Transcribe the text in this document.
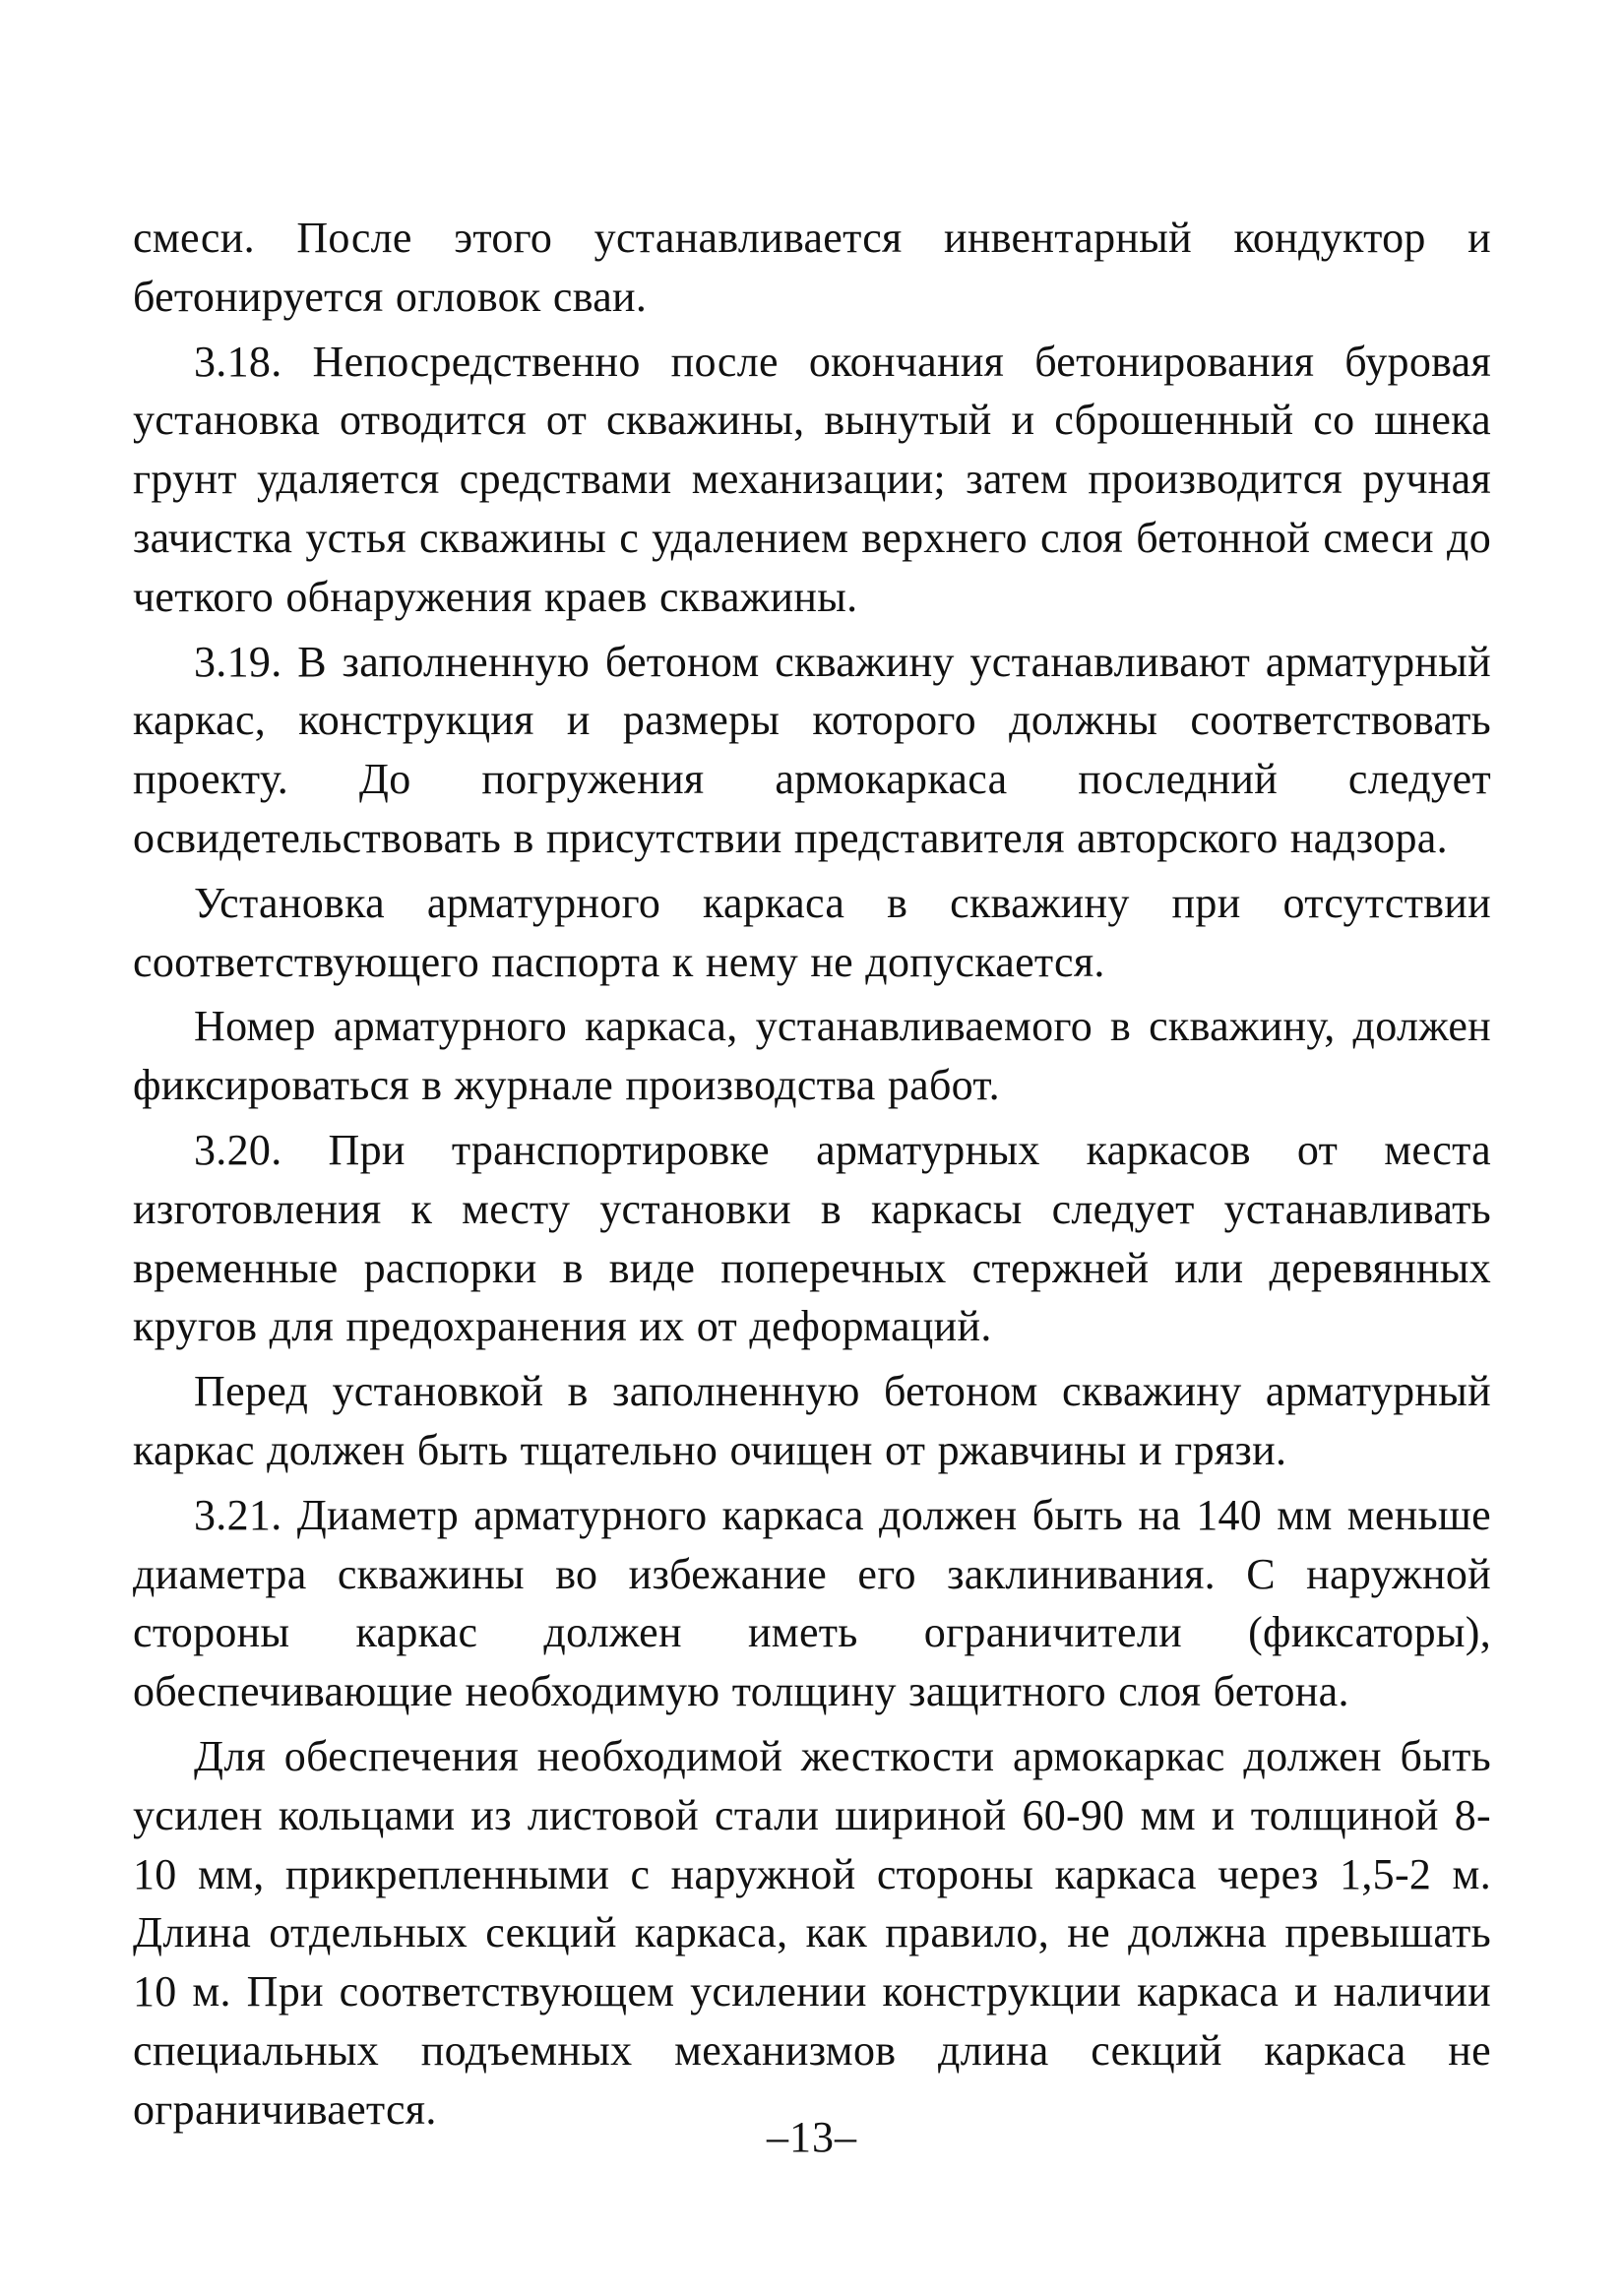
смеси. После этого устанавливается инвентарный кондуктор и бетонируется огловок сваи.

3.18. Непосредственно после окончания бетонирования буровая установка отводится от скважины, вынутый и сброшенный со шнека грунт удаляется средствами механизации; затем производится ручная зачистка устья скважины с удалением верхнего слоя бетонной смеси до четкого обнаружения краев скважины.

3.19. В заполненную бетоном скважину устанавливают арматурный каркас, конструкция и размеры которого должны соответствовать проекту. До погружения армокаркаса последний следует освидетельствовать в присутствии представителя авторского надзора.

Установка арматурного каркаса в скважину при отсутствии соответствующего паспорта к нему не допускается.

Номер арматурного каркаса, устанавливаемого в скважину, должен фиксироваться в журнале производства работ.

3.20. При транспортировке арматурных каркасов от места изготовления к месту установки в каркасы следует устанавливать временные распорки в виде поперечных стержней или деревянных кругов для предохранения их от деформаций.

Перед установкой в заполненную бетоном скважину арматурный каркас должен быть тщательно очищен от ржавчины и грязи.

3.21. Диаметр арматурного каркаса должен быть на 140 мм меньше диаметра скважины во избежание его заклинивания. С наружной стороны каркас должен иметь ограничители (фиксаторы), обеспечивающие необходимую толщину защитного слоя бетона.

Для обеспечения необходимой жесткости армокаркас должен быть усилен кольцами из листовой стали шириной 60-90 мм и толщиной 8-10 мм, прикрепленными с наружной стороны каркаса через 1,5-2 м. Длина отдельных секций каркаса, как правило, не должна превышать 10 м. При соответствующем усилении конструкции каркаса и наличии специальных подъемных механизмов длина секций каркаса не ограничивается.

–13–
